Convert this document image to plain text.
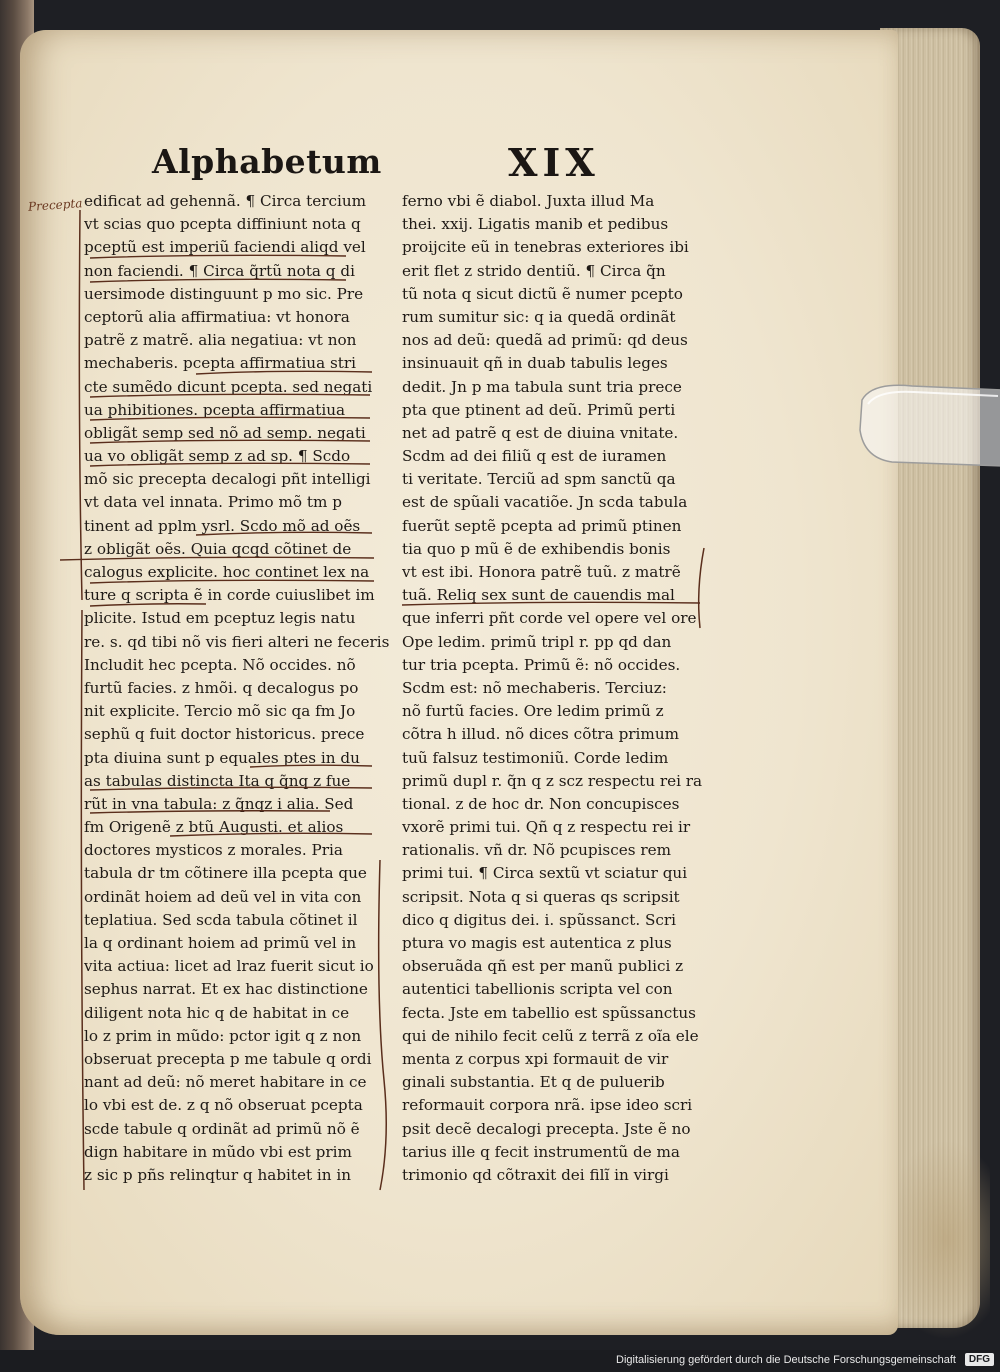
Alphabetum	XIX
Precepta edificat ad gehennã. ¶ Circa tercium
vt scias quo pcepta diffiniunt nota q
pceptũ est imperiũ faciendi aliqd vel
non faciendi. ¶ Circa q̃rtũ nota q di
uersimode distinguunt p mo sic. Pre
ceptorũ alia affirmatiua: vt honora
patrẽ z matrẽ. alia negatiua: vt non
mechaberis. pcepta affirmatiua stri
cte sumẽdo dicunt pcepta. sed negati
ua phibitiones. pcepta affirmatiua
obligãt semp sed nõ ad semp. negati
ua vo obligãt semp z ad sp. ¶ Scdo
mõ sic precepta decalogi pñt intelligi
vt data vel innata. Primo mõ tm p
tinent ad pplm ysrl. Scdo mõ ad oẽs
z obligãt oẽs. Quia qcqd cõtinet de
calogus explicite. hoc continet lex na
ture q scripta ẽ in corde cuiuslibet im
plicite. Istud em pceptuz legis natu
re. s. qd tibi nõ vis fieri alteri ne feceris
Includit hec pcepta. Nõ occides. nõ
furtũ facies. z hmõi. q decalogus po
nit explicite. Tercio mõ sic qa fm Jo
sephũ q fuit doctor historicus. prece
pta diuina sunt p equales ptes in du
as tabulas distincta Ita q q̃nq z fue
rũt in vna tabula: z q̃nqz i alia. Sed
fm Origenẽ z btũ Augusti. et alios
doctores mysticos z morales. Pria
tabula dr tm cõtinere illa pcepta que
ordinãt hoiem ad deũ vel in vita con
teplatiua. Sed scda tabula cõtinet il
la q ordinant hoiem ad primũ vel in
vita actiua: licet ad lraz fuerit sicut io
sephus narrat. Et ex hac distinctione
diligent nota hic q de habitat in ce
lo z prim in mũdo: pctor igit q z non
obseruat precepta p me tabule q ordi
nant ad deũ: nõ meret habitare in ce
lo vbi est de. z q nõ obseruat pcepta
scde tabule q ordinãt ad primũ nõ ẽ
dign habitare in mũdo vbi est prim
z sic p pñs relinqtur q habitet in in
ferno vbi ẽ diabol. Juxta illud Ma
thei. xxij. Ligatis manib et pedibus
proijcite eũ in tenebras exteriores ibi
erit flet z strido dentiũ. ¶ Circa q̃n
tũ nota q sicut dictũ ẽ numer pcepto
rum sumitur sic: q ia quedã ordinãt
nos ad deũ: quedã ad primũ: qd deus
insinuauit qñ in duab tabulis leges
dedit. Jn p ma tabula sunt tria prece
pta que ptinent ad deũ. Primũ perti
net ad patrẽ q est de diuina vnitate.
Scdm ad dei filiũ q est de iuramen
ti veritate. Terciũ ad spm sanctũ qa
est de spũali vacatiõe. Jn scda tabula
fuerũt septẽ pcepta ad primũ ptinen
tia quo p mũ ẽ de exhibendis bonis
vt est ibi. Honora patrẽ tuũ. z matrẽ
tuã. Reliq sex sunt de cauendis mal
que inferri pñt corde vel opere vel ore
Ope ledim. primũ tripl r. pp qd dan
tur tria pcepta. Primũ ẽ: nõ occides.
Scdm est: nõ mechaberis. Terciuz:
nõ furtũ facies. Ore ledim primũ z
cõtra h illud. nõ dices cõtra primum
tuũ falsuz testimoniũ. Corde ledim
primũ dupl r. q̃n q z scz respectu rei ra
tional. z de hoc dr. Non concupisces
vxorẽ primi tui. Qñ q z respectu rei ir
rationalis. vñ dr. Nõ pcupisces rem
primi tui. ¶ Circa sextũ vt sciatur qui
scripsit. Nota q si queras qs scripsit
dico q digitus dei. i. spũssanct. Scri
ptura vo magis est autentica z plus
obseruãda qñ est per manũ publici z
autentici tabellionis scripta vel con
fecta. Jste em tabellio est spũssanctus
qui de nihilo fecit celũ z terrã z oĩa ele
menta z corpus xpi formauit de vir
ginali substantia. Et q de puluerib
reformauit corpora nrã. ipse ideo scri
psit decẽ decalogi precepta. Jste ẽ no
tarius ille q fecit instrumentũ de ma
trimonio qd cõtraxit dei filĩ in virgi
Digitalisierung gefördert durch die Deutsche Forschungsgemeinschaft	DFG
